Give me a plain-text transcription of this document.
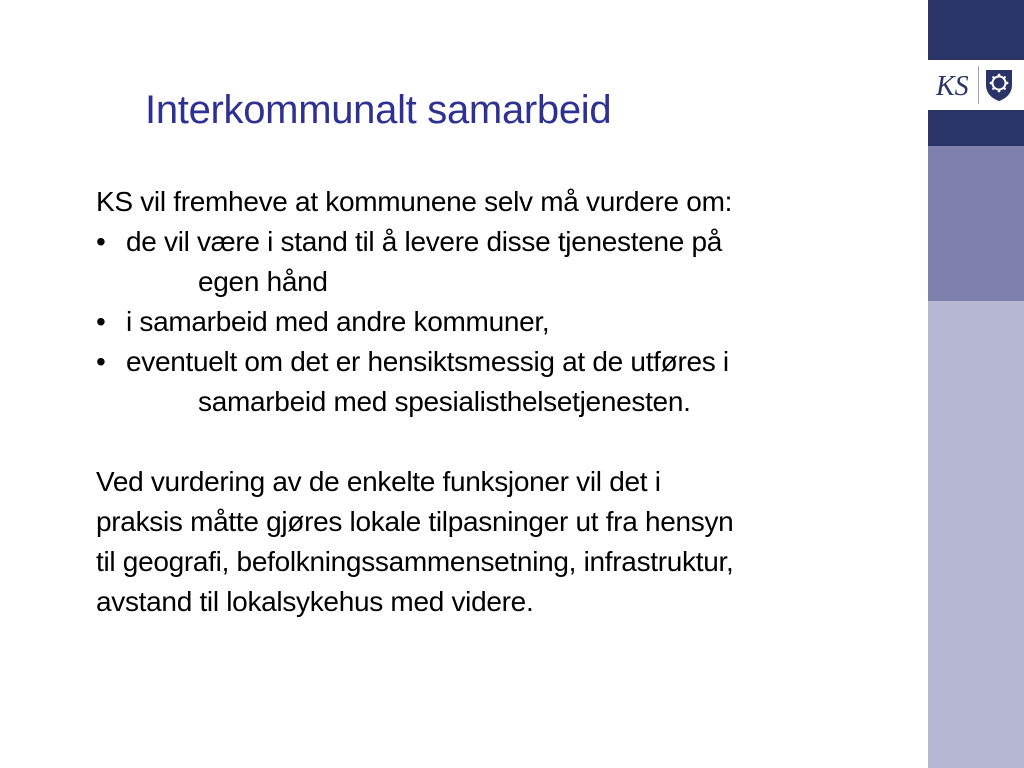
Interkommunalt samarbeid
KS vil fremheve at kommunene selv må vurdere om:
• de vil være i stand til å levere disse tjenestene på
egen hånd
• i samarbeid med andre kommuner,
• eventuelt om det er hensiktsmessig at de utføres i
samarbeid med spesialisthelsetjenesten.
Ved vurdering av de enkelte funksjoner vil det i
praksis måtte gjøres lokale tilpasninger ut fra hensyn
til geografi, befolkningssammensetning, infrastruktur,
avstand til lokalsykehus med videre.
KS
